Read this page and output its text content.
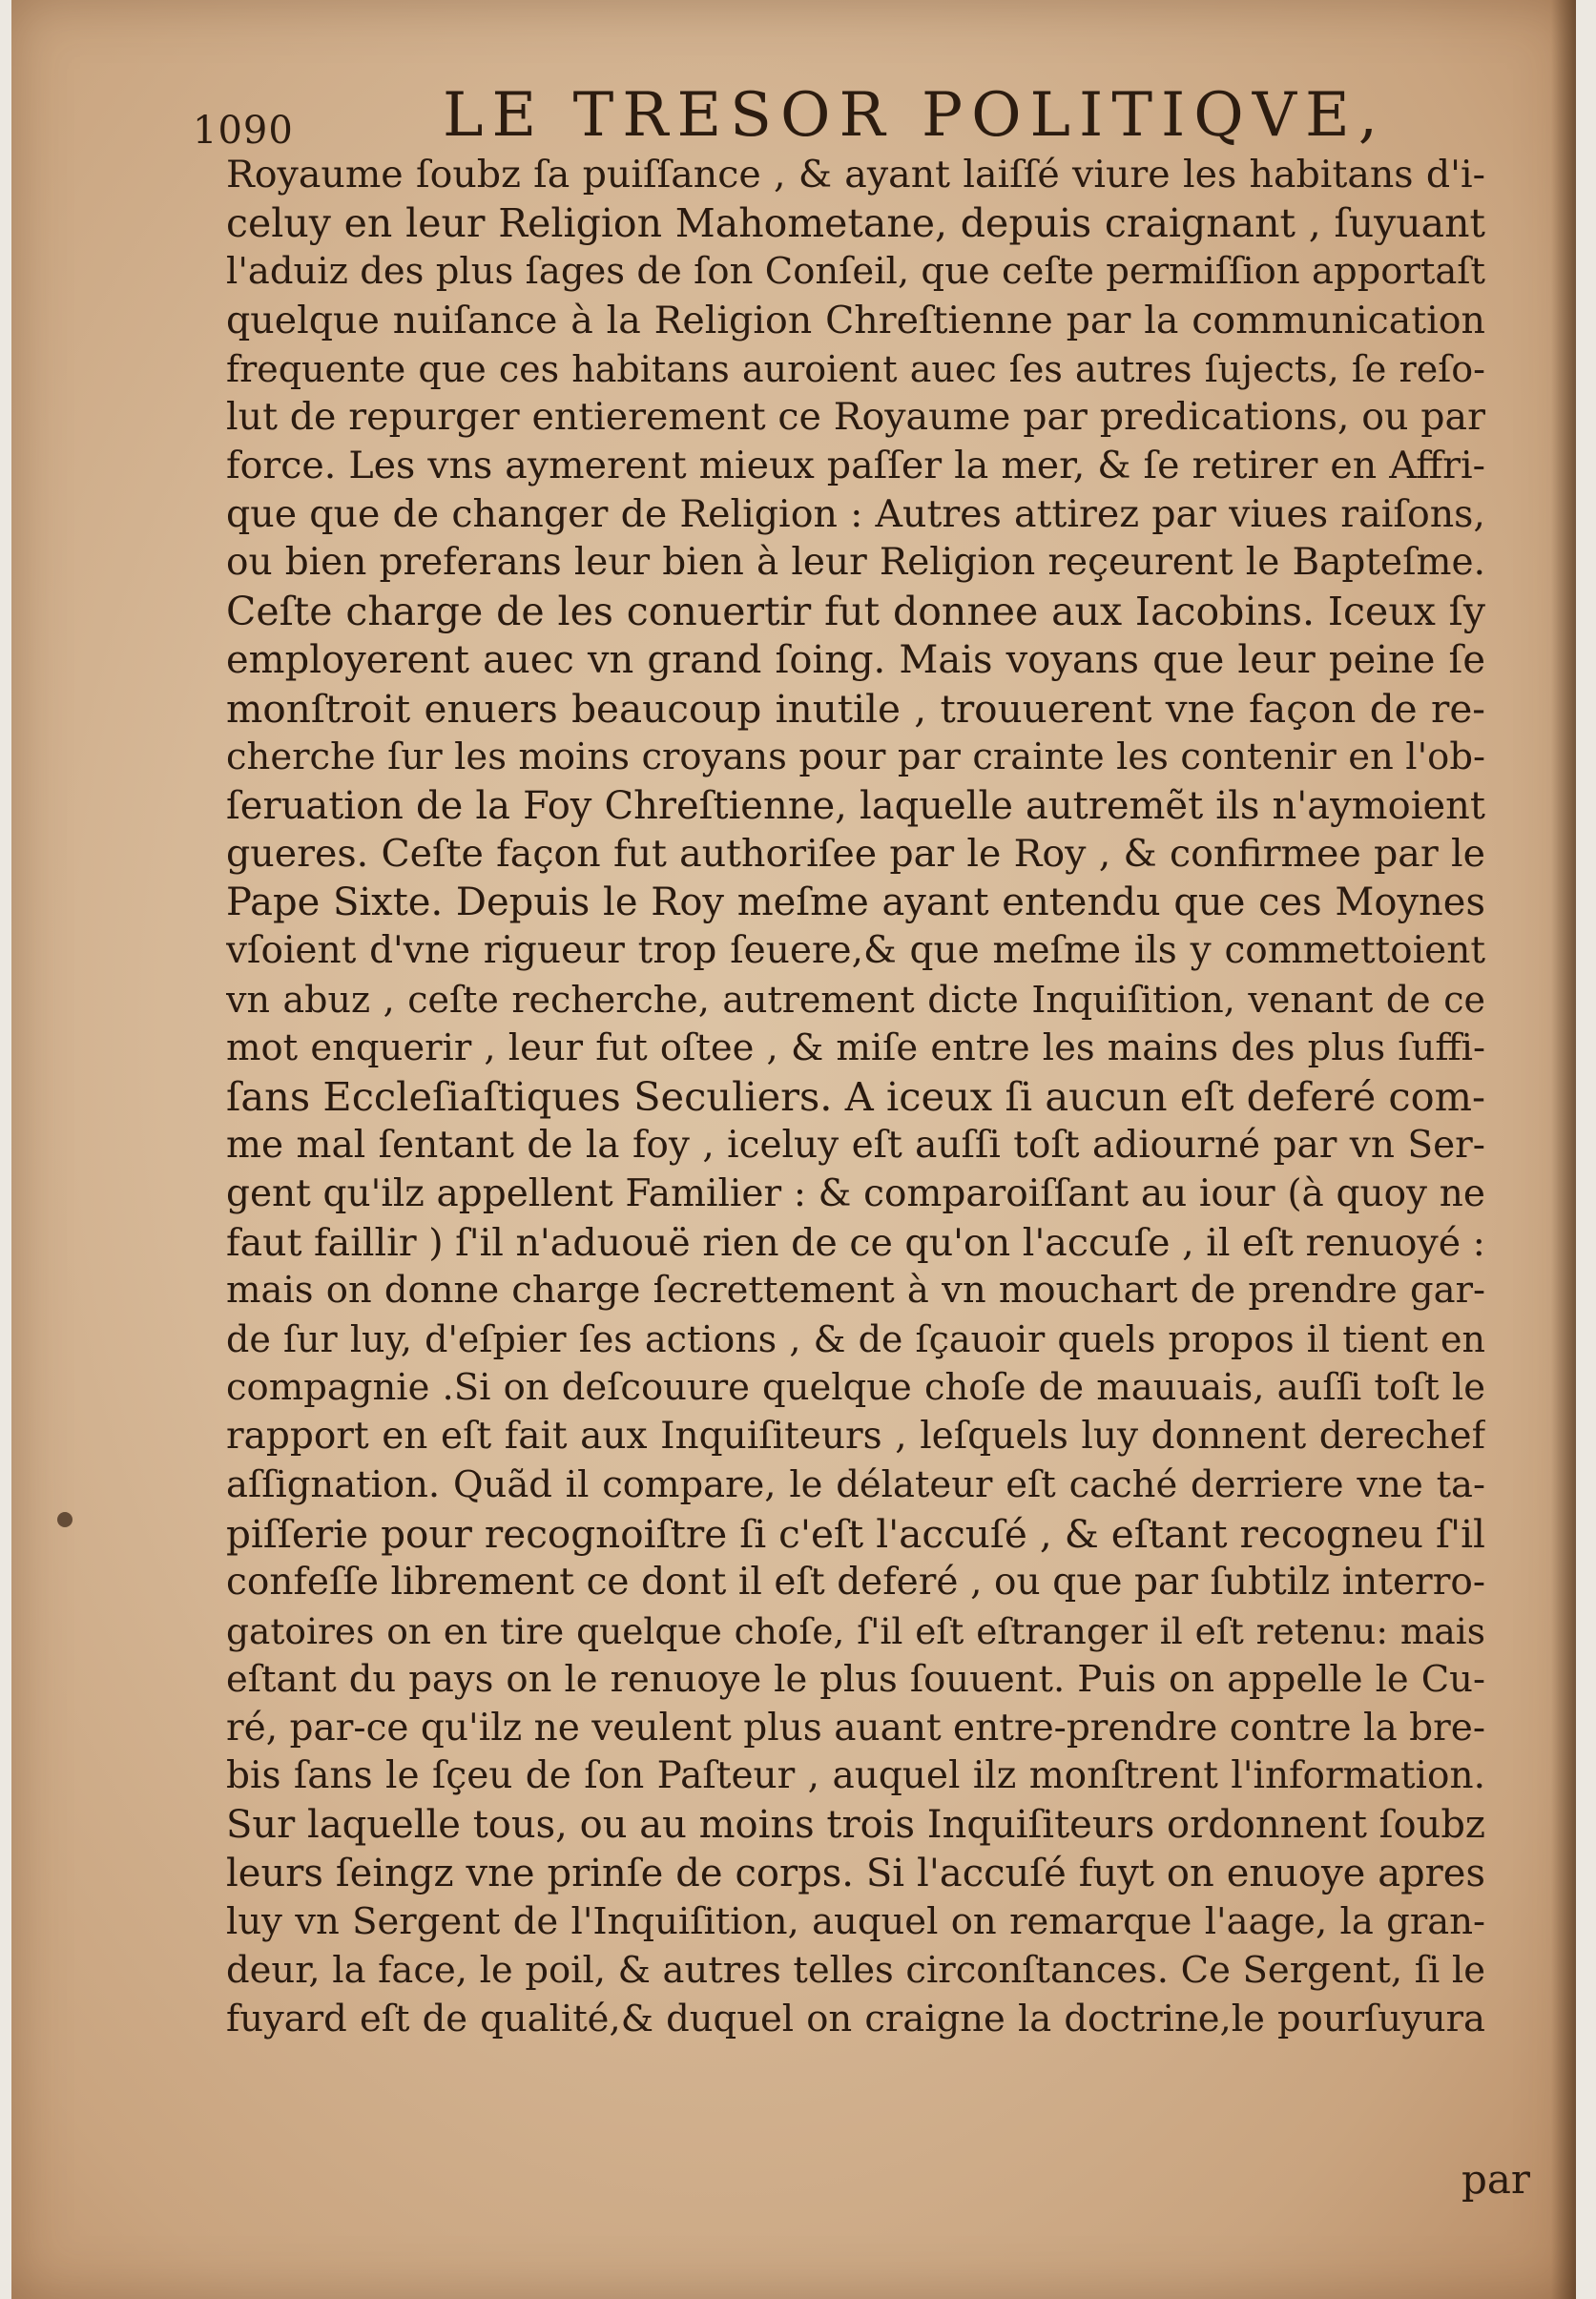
1090 LE TRESOR POLITIQVE,
Royaume ſoubz ſa puiſſance , & ayant laiſſé viure les habitans d'i-
celuy en leur Religion Mahometane, depuis craignant , ſuyuant
l'aduiz des plus ſages de ſon Conſeil, que ceſte permiſſion apportaſt
quelque nuiſance à la Religion Chreſtienne par la communication
frequente que ces habitans auroient auec ſes autres ſujects, ſe reſo-
lut de repurger entierement ce Royaume par predications, ou par
force. Les vns aymerent mieux paſſer la mer, & ſe retirer en Affri-
que que de changer de Religion : Autres attirez par viues raiſons,
ou bien preferans leur bien à leur Religion reçeurent le Bapteſme.
Ceſte charge de les conuertir fut donnee aux Iacobins. Iceux ſy
employerent auec vn grand ſoing. Mais voyans que leur peine ſe
monſtroit enuers beaucoup inutile , trouuerent vne façon de re-
cherche ſur les moins croyans pour par crainte les contenir en l'ob-
ſeruation de la Foy Chreſtienne, laquelle autremẽt ils n'aymoient
gueres. Ceſte façon fut authoriſee par le Roy , & confirmee par le
Pape Sixte. Depuis le Roy meſme ayant entendu que ces Moynes
vſoient d'vne rigueur trop ſeuere,& que meſme ils y commettoient
vn abuz , ceſte recherche, autrement dicte Inquiſition, venant de ce
mot enquerir , leur fut oſtee , & miſe entre les mains des plus ſuffi-
ſans Eccleſiaſtiques Seculiers. A iceux ſi aucun eſt deferé com-
me mal ſentant de la foy , iceluy eſt auſſi toſt adiourné par vn Ser-
gent qu'ilz appellent Familier : & comparoiſſant au iour (à quoy ne
faut faillir ) ſ'il n'aduouë rien de ce qu'on l'accuſe , il eſt renuoyé :
mais on donne charge ſecrettement à vn mouchart de prendre gar-
de ſur luy, d'eſpier ſes actions , & de ſçauoir quels propos il tient en
compagnie .Si on deſcouure quelque choſe de mauuais, auſſi toſt le
rapport en eſt fait aux Inquiſiteurs , leſquels luy donnent derechef
aſſignation. Quãd il compare, le délateur eſt caché derriere vne ta-
piſſerie pour recognoiſtre ſi c'eſt l'accuſé , & eſtant recogneu ſ'il
confeſſe librement ce dont il eſt deferé , ou que par ſubtilz interro-
gatoires on en tire quelque choſe, ſ'il eſt eſtranger il eſt retenu: mais
eſtant du pays on le renuoye le plus ſouuent. Puis on appelle le Cu-
ré, par-ce qu'ilz ne veulent plus auant entre-prendre contre la bre-
bis ſans le ſçeu de ſon Paſteur , auquel ilz monſtrent l'information.
Sur laquelle tous, ou au moins trois Inquiſiteurs ordonnent ſoubz
leurs ſeingz vne prinſe de corps. Si l'accuſé fuyt on enuoye apres
luy vn Sergent de l'Inquiſition, auquel on remarque l'aage, la gran-
deur, la face, le poil, & autres telles circonſtances. Ce Sergent, ſi le
fuyard eſt de qualité,& duquel on craigne la doctrine,le pourſuyura
par
